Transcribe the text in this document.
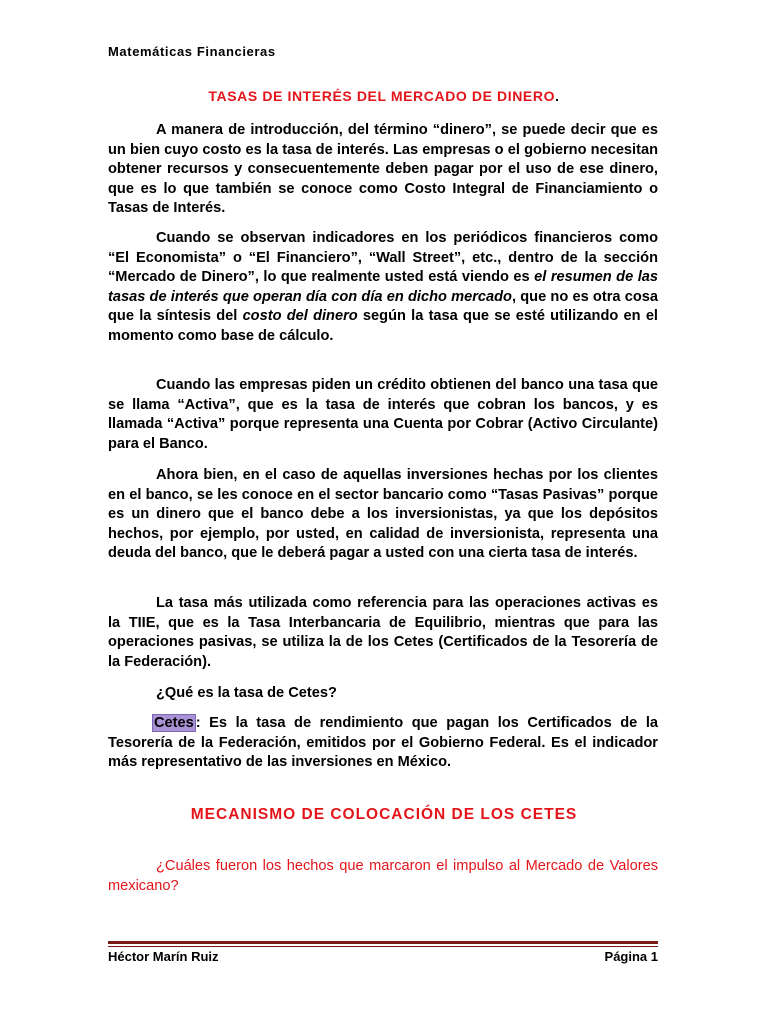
Matemáticas Financieras
TASAS DE INTERÉS DEL MERCADO DE DINERO.

A manera de introducción, del término “dinero”, se puede decir que es un bien cuyo costo es la tasa de interés. Las empresas o el gobierno necesitan obtener recursos y consecuentemente deben pagar por el uso de ese dinero, que es lo que también se conoce como Costo Integral de Financiamiento o Tasas de Interés.

Cuando se observan indicadores en los periódicos financieros como “El Economista” o “El Financiero”, “Wall Street”, etc., dentro de la sección “Mercado de Dinero”, lo que realmente usted está viendo es el resumen de las tasas de interés que operan día con día en dicho mercado, que no es otra cosa que la síntesis del costo del dinero según la tasa que se esté utilizando en el momento como base de cálculo.

Cuando las empresas piden un crédito obtienen del banco una tasa que se llama “Activa”, que es la tasa de interés que cobran los bancos, y es llamada “Activa” porque representa una Cuenta por Cobrar (Activo Circulante) para el Banco.

Ahora bien, en el caso de aquellas inversiones hechas por los clientes en el banco, se les conoce en el sector bancario como “Tasas Pasivas” porque es un dinero que el banco debe a los inversionistas, ya que los depósitos hechos, por ejemplo, por usted, en calidad de inversionista, representa una deuda del banco, que le deberá pagar a usted con una cierta tasa de interés.

La tasa más utilizada como referencia para las operaciones activas es la TIIE, que es la Tasa Interbancaria de Equilibrio, mientras que para las operaciones pasivas, se utiliza la de los Cetes (Certificados de la Tesorería de la Federación).

¿Qué es la tasa de Cetes?

Cetes : Es la tasa de rendimiento que pagan los Certificados de la Tesorería de la Federación, emitidos por el Gobierno Federal. Es el indicador más representativo de las inversiones en México.

MECANISMO DE COLOCACIÓN DE LOS CETES

¿Cuáles fueron los hechos que marcaron el impulso al Mercado de Valores mexicano?

Héctor Marín Ruiz	Página 1
